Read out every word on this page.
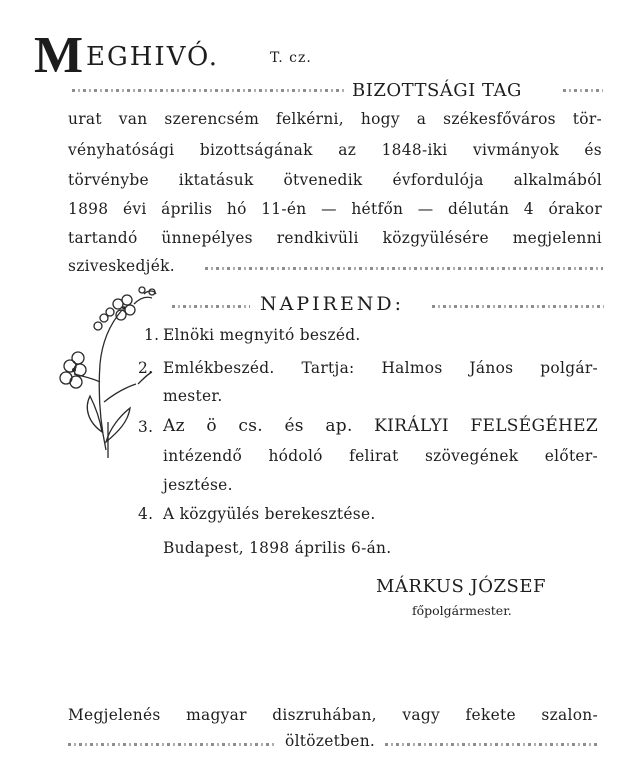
M EGHIVÓ.	T. cz.
BIZOTTSÁGI TAG
urat van szerencsém felkérni, hogy a székesfőváros tör-
vényhatósági bizottságának az 1848-iki vivmányok és
törvénybe iktatásuk ötvenedik évfordulója alkalmából
1898 évi április hó 11-én — hétfőn — délután 4 órakor
tartandó ünnepélyes rendkivüli közgyülésére megjelenni
sziveskedjék.
NAPIREND:
1. Elnöki megnyitó beszéd.
2. Emlékbeszéd. Tartja: Halmos János polgár-
mester.
3. Az ö cs. és ap. KIRÁLYI FELSÉGÉHEZ
intézendő hódoló felirat szövegének előter-
jesztése.
4. A közgyülés berekesztése.
Budapest, 1898 április 6-án.
MÁRKUS JÓZSEF
főpolgármester.
Megjelenés magyar diszruhában, vagy fekete szalon-
öltözetben.
